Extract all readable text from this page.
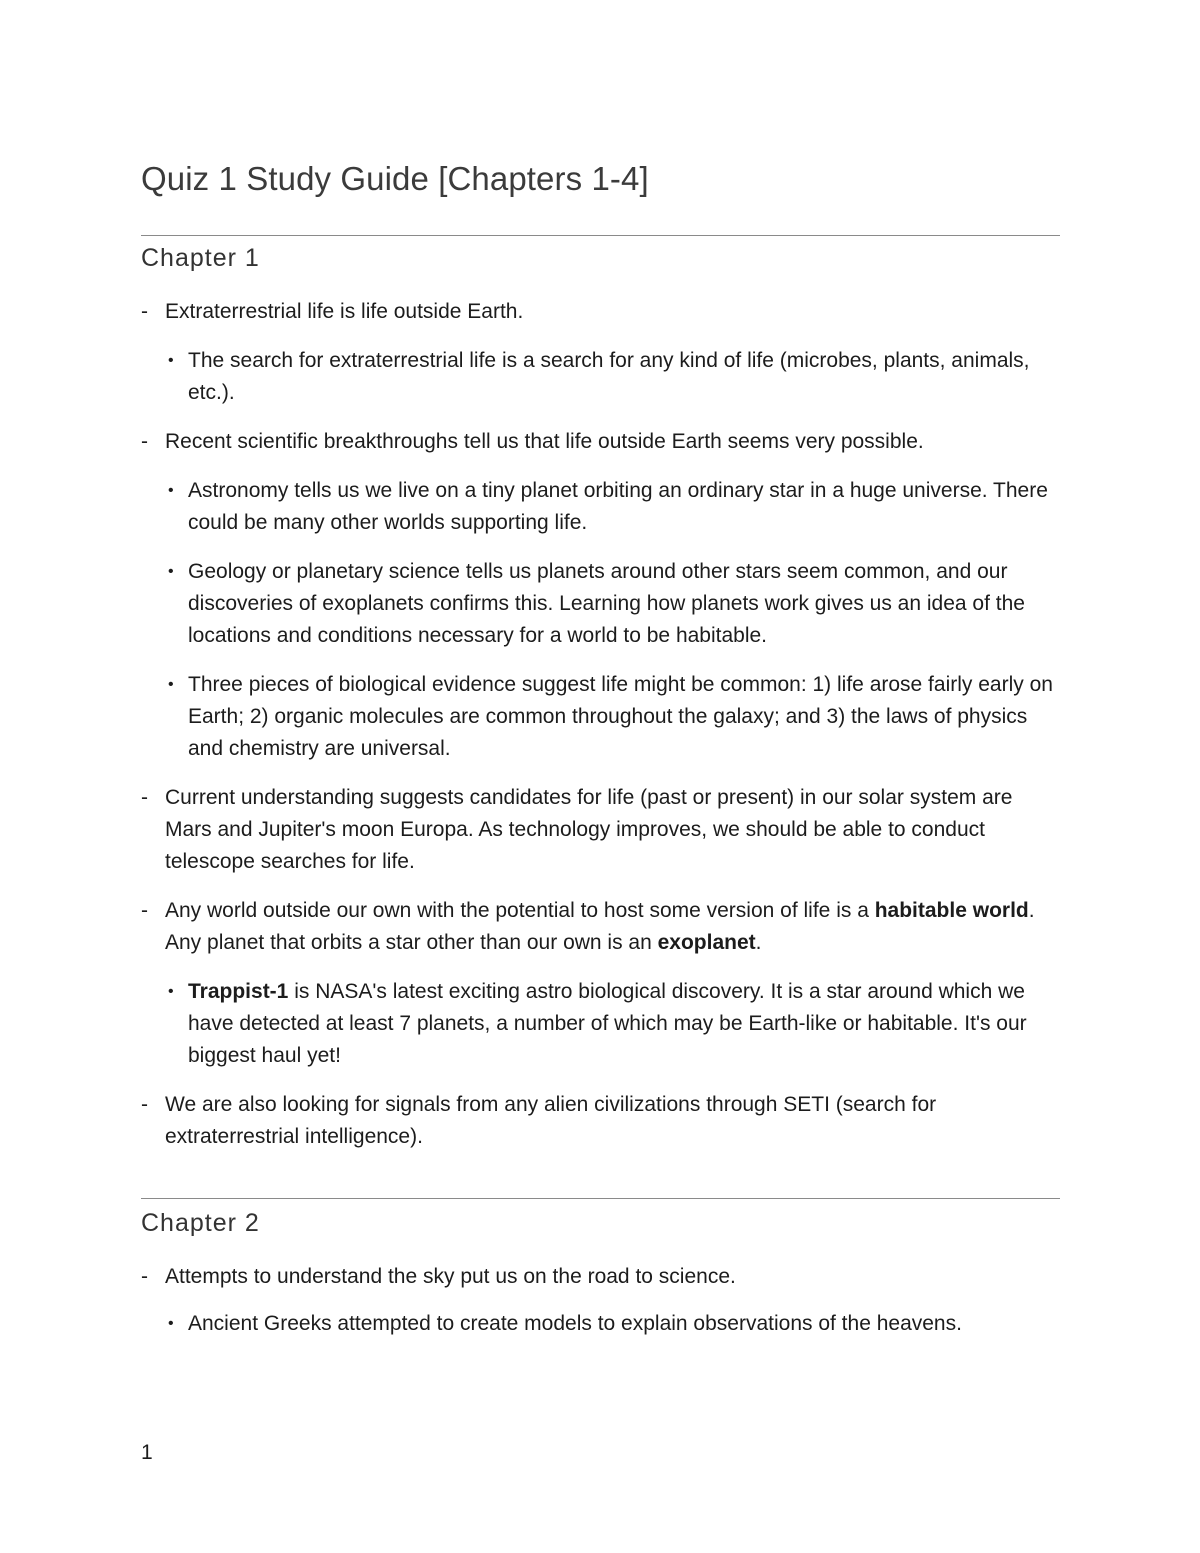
Quiz 1 Study Guide [Chapters 1-4]
Chapter 1
- Extraterrestrial life is life outside Earth.
• The search for extraterrestrial life is a search for any kind of life (microbes, plants, animals, etc.).
- Recent scientific breakthroughs tell us that life outside Earth seems very possible.
• Astronomy tells us we live on a tiny planet orbiting an ordinary star in a huge universe. There could be many other worlds supporting life.
• Geology or planetary science tells us planets around other stars seem common, and our discoveries of exoplanets confirms this. Learning how planets work gives us an idea of the locations and conditions necessary for a world to be habitable.
• Three pieces of biological evidence suggest life might be common: 1) life arose fairly early on Earth; 2) organic molecules are common throughout the galaxy; and 3) the laws of physics and chemistry are universal.
- Current understanding suggests candidates for life (past or present) in our solar system are Mars and Jupiter's moon Europa. As technology improves, we should be able to conduct telescope searches for life.
- Any world outside our own with the potential to host some version of life is a habitable world. Any planet that orbits a star other than our own is an exoplanet.
• Trappist-1 is NASA's latest exciting astro biological discovery. It is a star around which we have detected at least 7 planets, a number of which may be Earth-like or habitable. It's our biggest haul yet!
- We are also looking for signals from any alien civilizations through SETI (search for extraterrestrial intelligence).
Chapter 2
- Attempts to understand the sky put us on the road to science.
• Ancient Greeks attempted to create models to explain observations of the heavens.
1
